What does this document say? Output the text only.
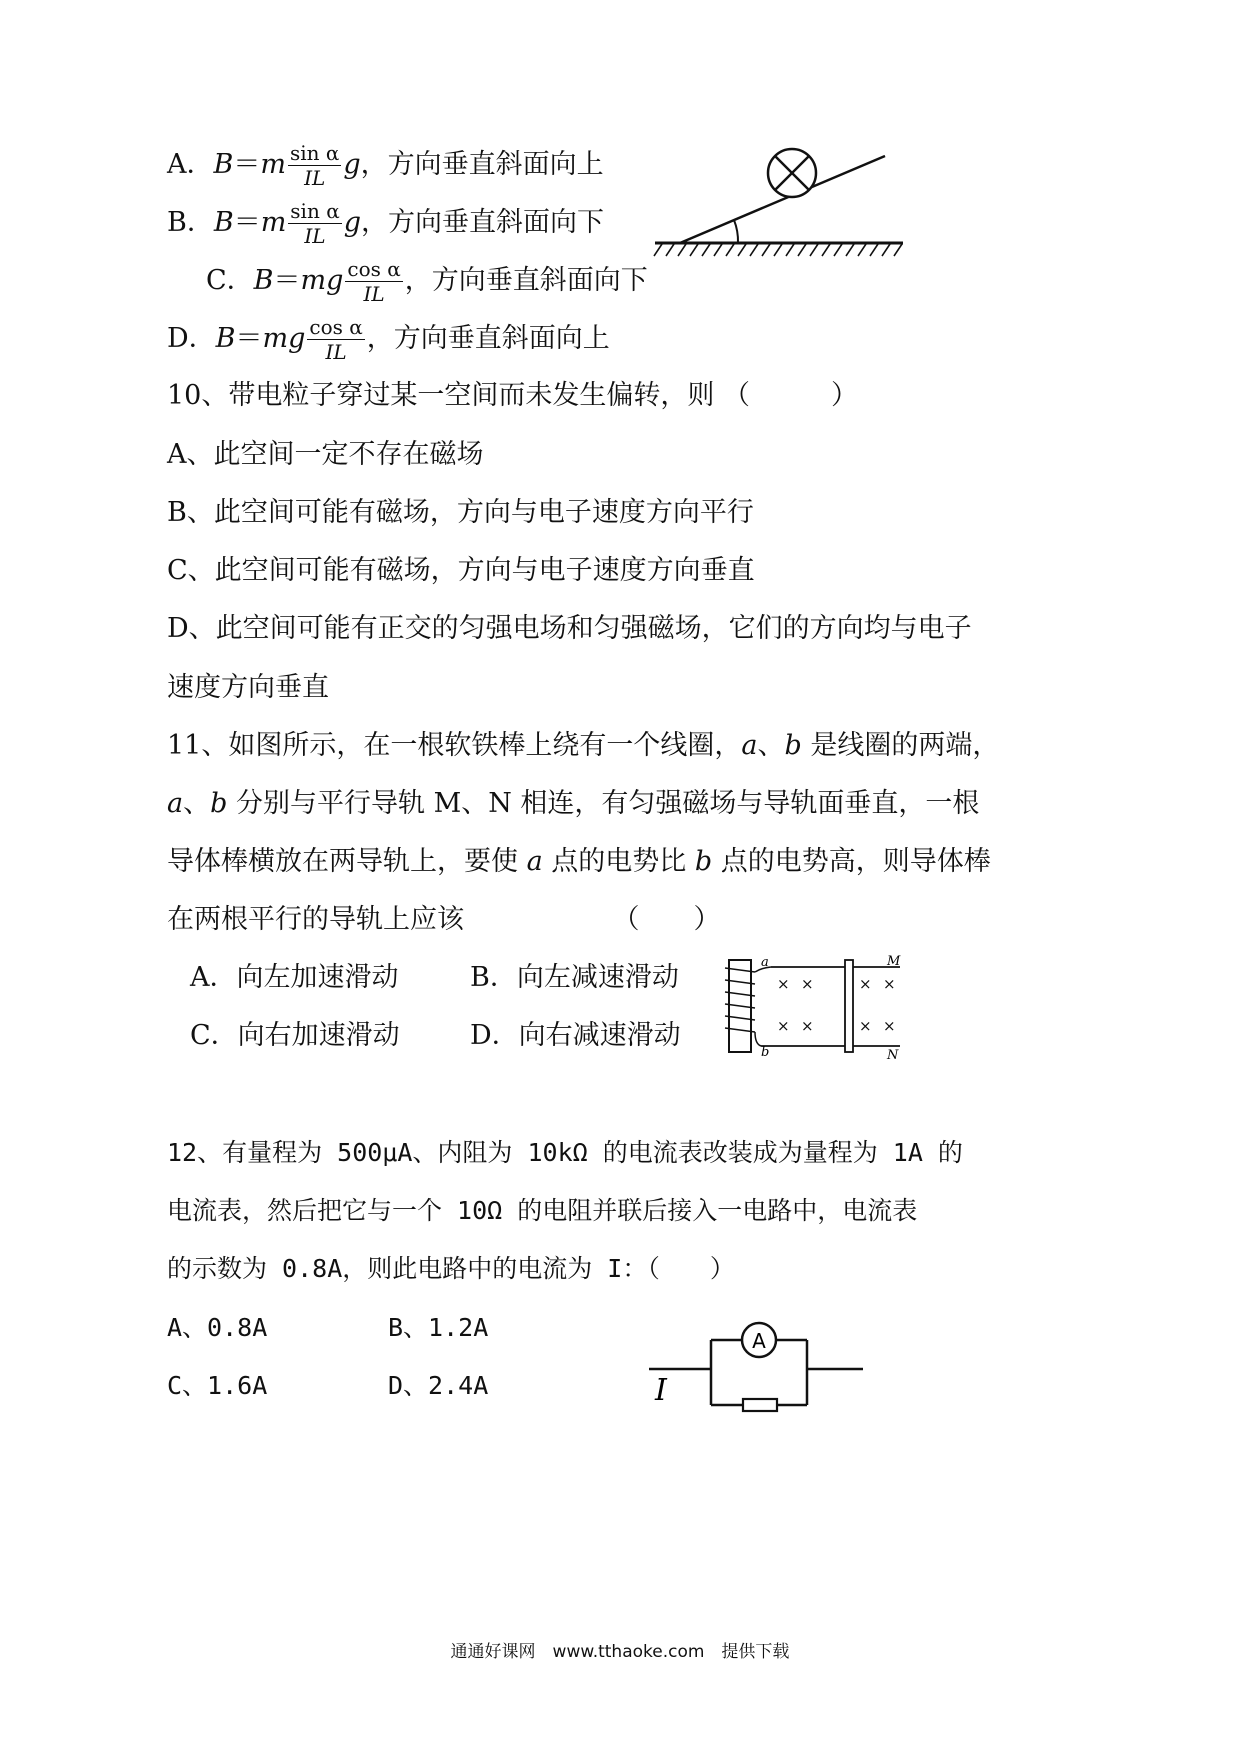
A．$B=m \frac{\text{sin α}}{IL}$ g，方向垂直斜面向上
B．$B=m \frac{\text{sin α}}{IL}$ g，方向垂直斜面向下
C．$B=mg \frac{\text{cos α}}{IL}$ ，方向垂直斜面向下
D．$B=mg \frac{\text{cos α}}{IL}$ ，方向垂直斜面向上
10、带电粒子穿过某一空间而未发生偏转，则 （　　　）
A、此空间一定不存在磁场
B、此空间可能有磁场，方向与电子速度方向平行
C、此空间可能有磁场，方向与电子速度方向垂直
D、此空间可能有正交的匀强电场和匀强磁场，它们的方向均与电子
速度方向垂直
11、如图所示，在一根软铁棒上绕有一个线圈，a、b 是线圈的两端，
a、b 分别与平行导轨 M、N 相连，有匀强磁场与导轨面垂直，一根
导体棒横放在两导轨上，要使 a 点的电势比 b 点的电势高，则导体棒
在两根平行的导轨上应该　　　　　　（　　）
A．向左加速滑动	B．向左减速滑动
C．向右加速滑动	D．向右减速滑动
a
b
M
N
× ×	× ×
× ×	× ×
12、有量程为 500μA、内阻为 10kΩ 的电流表改装成为量程为 1A 的
电流表，然后把它与一个 10Ω 的电阻并联后接入一电路中，电流表
的示数为 0.8A，则此电路中的电流为 I：（　　）
A、0.8A	B、1.2A
C、1.6A	D、2.4A
A
I
通通好课网　www.tthaoke.com　提供下载
